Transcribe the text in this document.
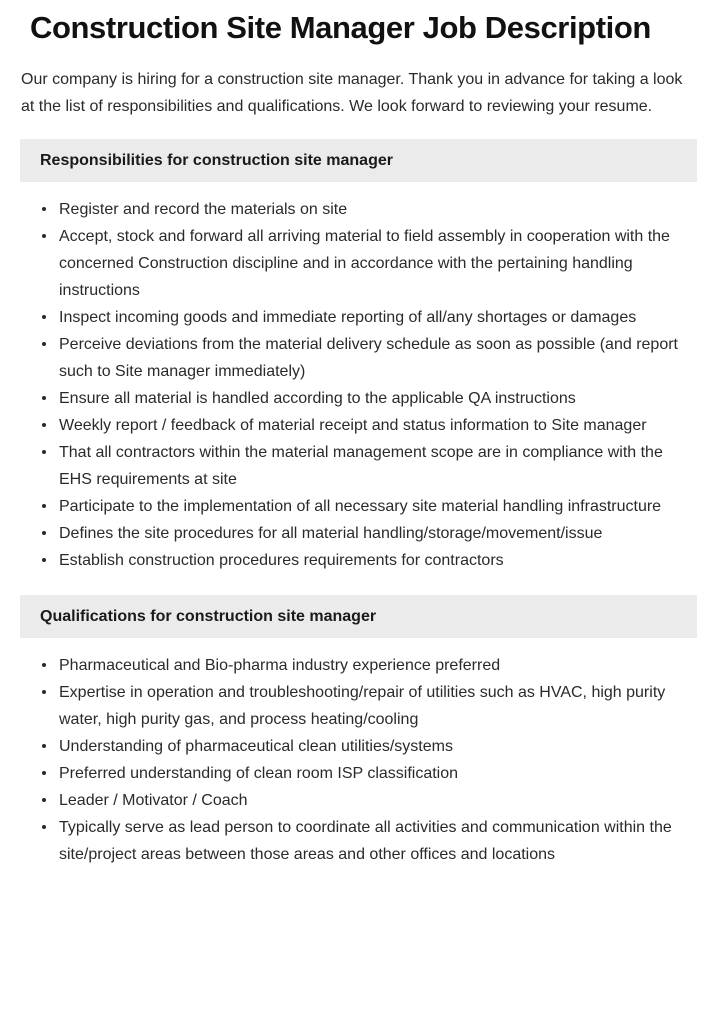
Construction Site Manager Job Description

Our company is hiring for a construction site manager. Thank you in advance for taking a look at the list of responsibilities and qualifications. We look forward to reviewing your resume.

Responsibilities for construction site manager
Register and record the materials on site
Accept, stock and forward all arriving material to field assembly in cooperation with the concerned Construction discipline and in accordance with the pertaining handling instructions
Inspect incoming goods and immediate reporting of all/any shortages or damages
Perceive deviations from the material delivery schedule as soon as possible (and report such to Site manager immediately)
Ensure all material is handled according to the applicable QA instructions
Weekly report / feedback of material receipt and status information to Site manager
That all contractors within the material management scope are in compliance with the EHS requirements at site
Participate to the implementation of all necessary site material handling infrastructure
Defines the site procedures for all material handling/storage/movement/issue
Establish construction procedures requirements for contractors
Qualifications for construction site manager
Pharmaceutical and Bio-pharma industry experience preferred
Expertise in operation and troubleshooting/repair of utilities such as HVAC, high purity water, high purity gas, and process heating/cooling
Understanding of pharmaceutical clean utilities/systems
Preferred understanding of clean room ISP classification
Leader / Motivator / Coach
Typically serve as lead person to coordinate all activities and communication within the site/project areas between those areas and other offices and locations
